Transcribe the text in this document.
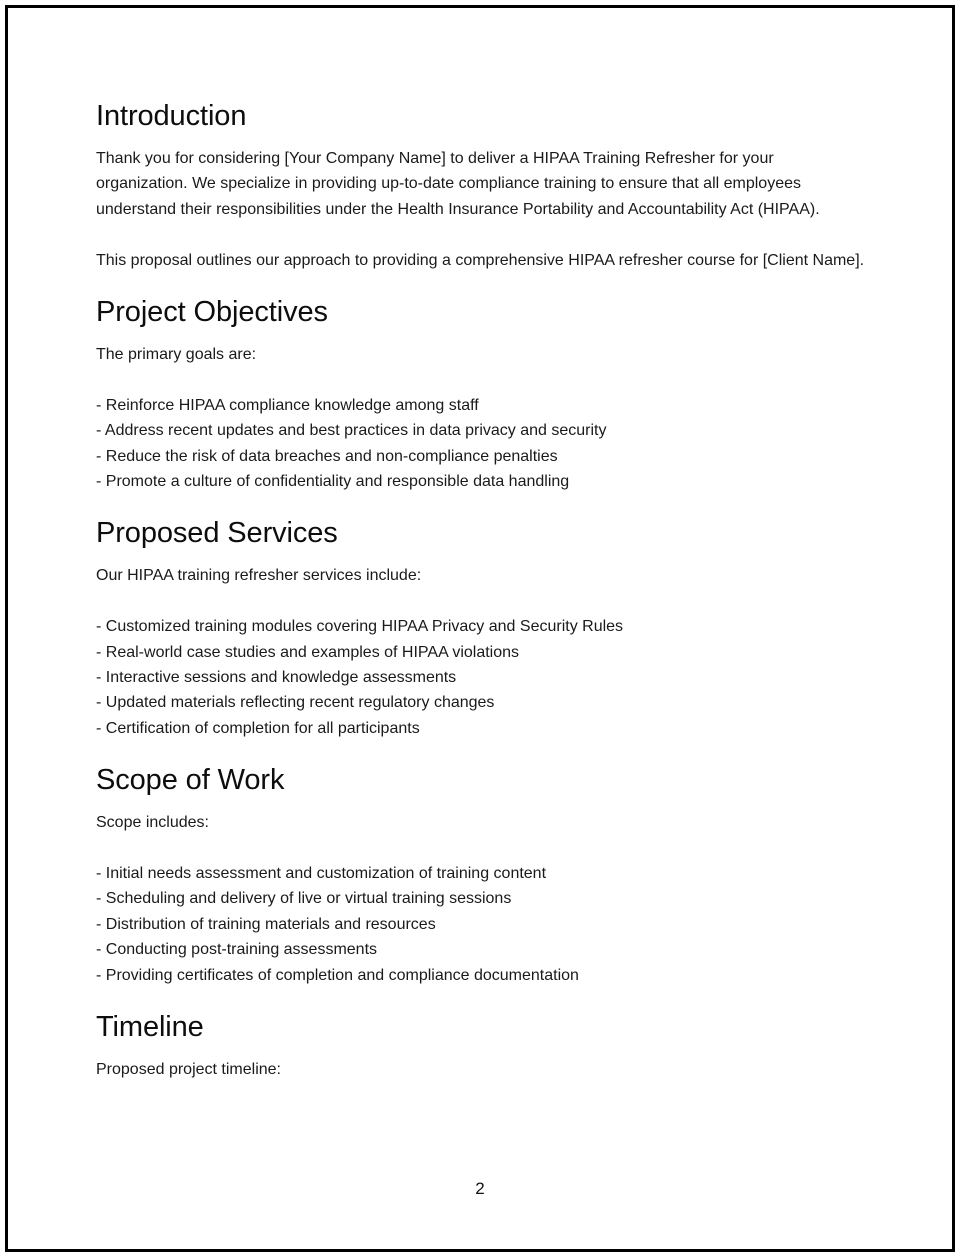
Introduction

Thank you for considering [Your Company Name] to deliver a HIPAA Training Refresher for your organization. We specialize in providing up-to-date compliance training to ensure that all employees understand their responsibilities under the Health Insurance Portability and Accountability Act (HIPAA).

This proposal outlines our approach to providing a comprehensive HIPAA refresher course for [Client Name].

Project Objectives

The primary goals are:

- Reinforce HIPAA compliance knowledge among staff
- Address recent updates and best practices in data privacy and security
- Reduce the risk of data breaches and non-compliance penalties
- Promote a culture of confidentiality and responsible data handling
Proposed Services

Our HIPAA training refresher services include:

- Customized training modules covering HIPAA Privacy and Security Rules
- Real-world case studies and examples of HIPAA violations
- Interactive sessions and knowledge assessments
- Updated materials reflecting recent regulatory changes
- Certification of completion for all participants
Scope of Work

Scope includes:

- Initial needs assessment and customization of training content
- Scheduling and delivery of live or virtual training sessions
- Distribution of training materials and resources
- Conducting post-training assessments
- Providing certificates of completion and compliance documentation
Timeline

Proposed project timeline:

2
